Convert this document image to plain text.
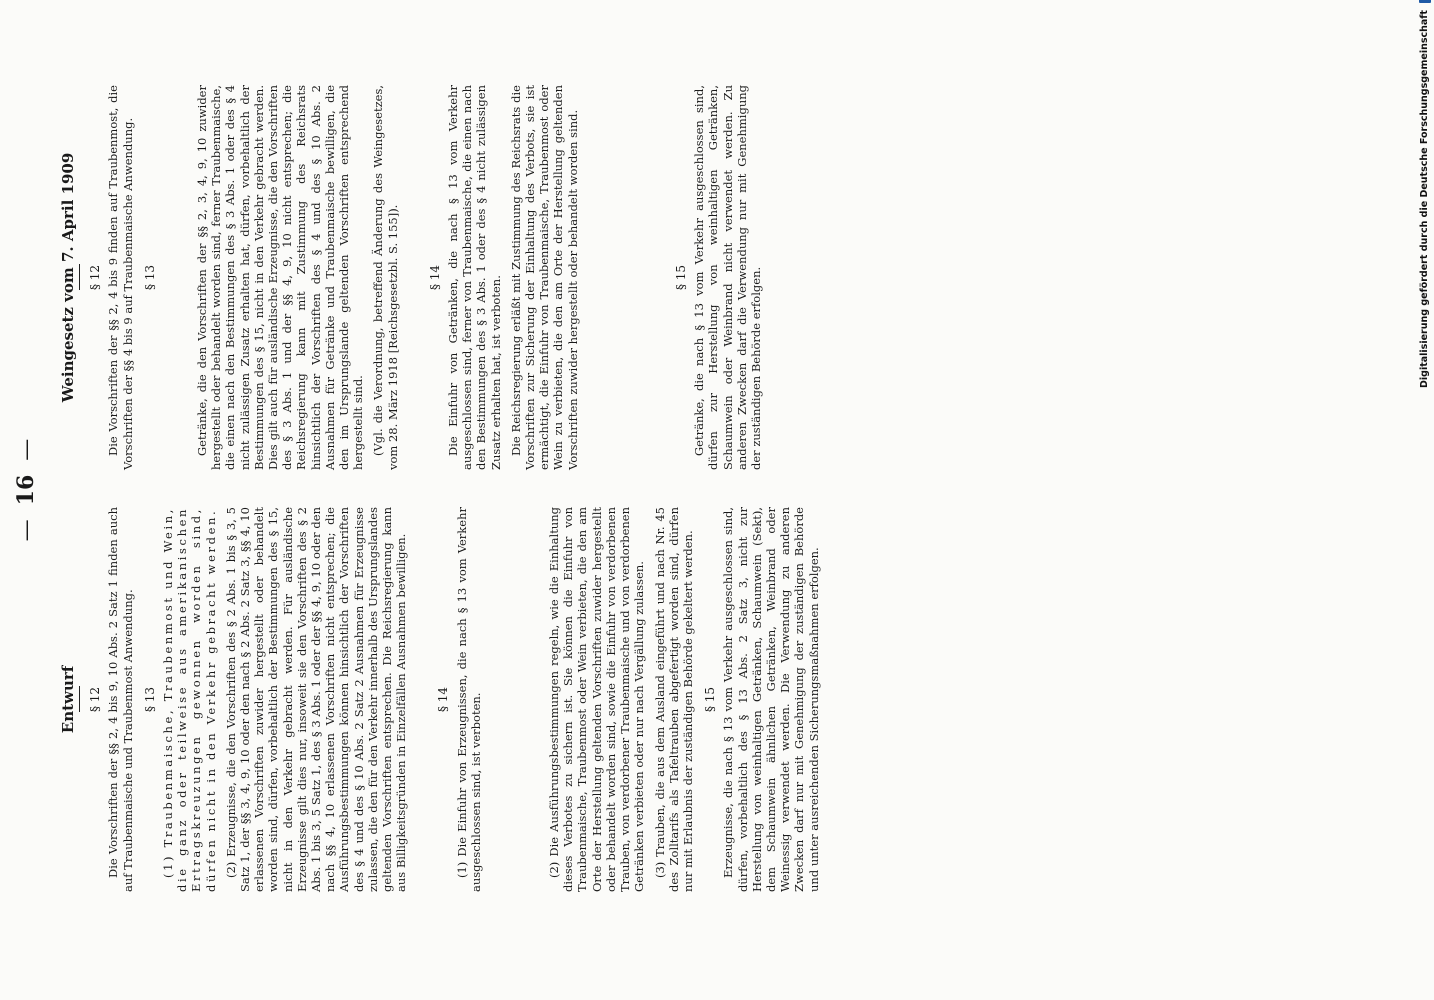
—16—
Entwurf § 12 Die Vorschriften der §§ 2, 4 bis 9, 10 Abs. 2 Satz 1 finden auch auf Traubenmaische und Traubenmost Anwendung. § 13 (1) Traubenmaische, Traubenmost und Wein, die ganz oder teilweise aus amerikanischen Ertragskreuzungen gewonnen worden sind, dürfen nicht in den Verkehr gebracht werden. (2) Erzeugnisse, die den Vorschriften des § 2 Abs. 1 bis § 3, 5 Satz 1, der §§ 3, 4, 9, 10 oder den nach § 2 Abs. 2 Satz 3, §§ 4, 10 erlassenen Vorschriften zuwider hergestellt oder behandelt worden sind, dürfen, vorbehaltlich der Bestimmungen des § 15, nicht in den Verkehr gebracht werden. Für ausländische Erzeugnisse gilt dies nur, insoweit sie den Vorschriften des § 2 Abs. 1 bis 3, 5 Satz 1, des § 3 Abs. 1 oder der §§ 4, 9, 10 oder den nach §§ 4, 10 erlassenen Vorschriften nicht entsprechen; die Ausführungsbestimmungen können hinsichtlich der Vorschriften des § 4 und des § 10 Abs. 2 Satz 2 Ausnahmen für Erzeugnisse zulassen, die den für den Verkehr innerhalb des Ursprungslandes geltenden Vorschriften entsprechen. Die Reichsregierung kann aus Billigkeitsgründen in Einzelfällen Ausnahmen bewilligen. § 14 (1) Die Einfuhr von Erzeugnissen, die nach § 13 vom Verkehr ausgeschlossen sind, ist verboten.	(2) Die Ausführungsbestimmungen regeln, wie die Einhaltung dieses Verbotes zu sichern ist. Sie können die Einfuhr von Traubenmaische, Traubenmost oder Wein verbieten, die den am Orte der Herstellung geltenden Vorschriften zuwider hergestellt oder behandelt worden sind, sowie die Einfuhr von verdorbenen Trauben, von verdorbener Traubenmaische und von verdorbenen Getränken verbieten oder nur nach Vergällung zulassen. (3) Trauben, die aus dem Ausland eingeführt und nach Nr. 45 des Zolltarifs als Tafeltrauben abgefertigt worden sind, dürfen nur mit Erlaubnis der zuständigen Behörde gekeltert werden. § 15 Erzeugnisse, die nach § 13 vom Verkehr ausgeschlossen sind, dürfen, vorbehaltlich des § 13 Abs. 2 Satz 3, nicht zur Herstellung von weinhaltigen Getränken, Schaumwein (Sekt), dem Schaumwein ähnlichen Getränken, Weinbrand oder Weinessig verwendet werden. Die Verwendung zu anderen Zwecken darf nur mit Genehmigung der zuständigen Behörde und unter ausreichenden Sicherungsmaßnahmen erfolgen.

Weingesetz vom 7. April 1909 § 12 Die Vorschriften der §§ 2, 4 bis 9 finden auf Traubenmost, die Vorschriften der §§ 4 bis 9 auf Traubenmaische Anwendung. § 13	Getränke, die den Vorschriften der §§ 2, 3, 4, 9, 10 zuwider hergestellt oder behandelt worden sind, ferner Traubenmaische, die einen nach den Bestimmungen des § 3 Abs. 1 oder des § 4 nicht zulässigen Zusatz erhalten hat, dürfen, vorbehaltlich der Bestimmungen des § 15, nicht in den Verkehr gebracht werden. Dies gilt auch für ausländische Erzeugnisse, die den Vorschriften des § 3 Abs. 1 und der §§ 4, 9, 10 nicht entsprechen; die Reichsregierung kann mit Zustimmung des Reichsrats hinsichtlich der Vorschriften des § 4 und des § 10 Abs. 2 Ausnahmen für Getränke und Traubenmaische bewilligen, die den im Ursprungslande geltenden Vorschriften entsprechend hergestellt sind. (Vgl. die Verordnung, betreffend Änderung des Weingesetzes, vom 28. März 1918 [Reichsgesetzbl. S. 155]). § 14 Die Einfuhr von Getränken, die nach § 13 vom Verkehr ausgeschlossen sind, ferner von Traubenmaische, die einen nach den Bestimmungen des § 3 Abs. 1 oder des § 4 nicht zulässigen Zusatz erhalten hat, ist verboten. Die Reichsregierung erläßt mit Zustimmung des Reichsrats die Vorschriften zur Sicherung der Einhaltung des Verbots, sie ist ermächtigt, die Einfuhr von Traubenmaische, Traubenmost oder Wein zu verbieten, die den am Orte der Herstellung geltenden Vorschriften zuwider hergestellt oder behandelt worden sind.	§ 15 Getränke, die nach § 13 vom Verkehr ausgeschlossen sind, dürfen zur Herstellung von weinhaltigen Getränken, Schaumwein oder Weinbrand nicht verwendet werden. Zu anderen Zwecken darf die Verwendung nur mit Genehmigung der zuständigen Behörde erfolgen.	Digitalisierung gefördert durch die Deutsche Forschungsgemeinschaft
